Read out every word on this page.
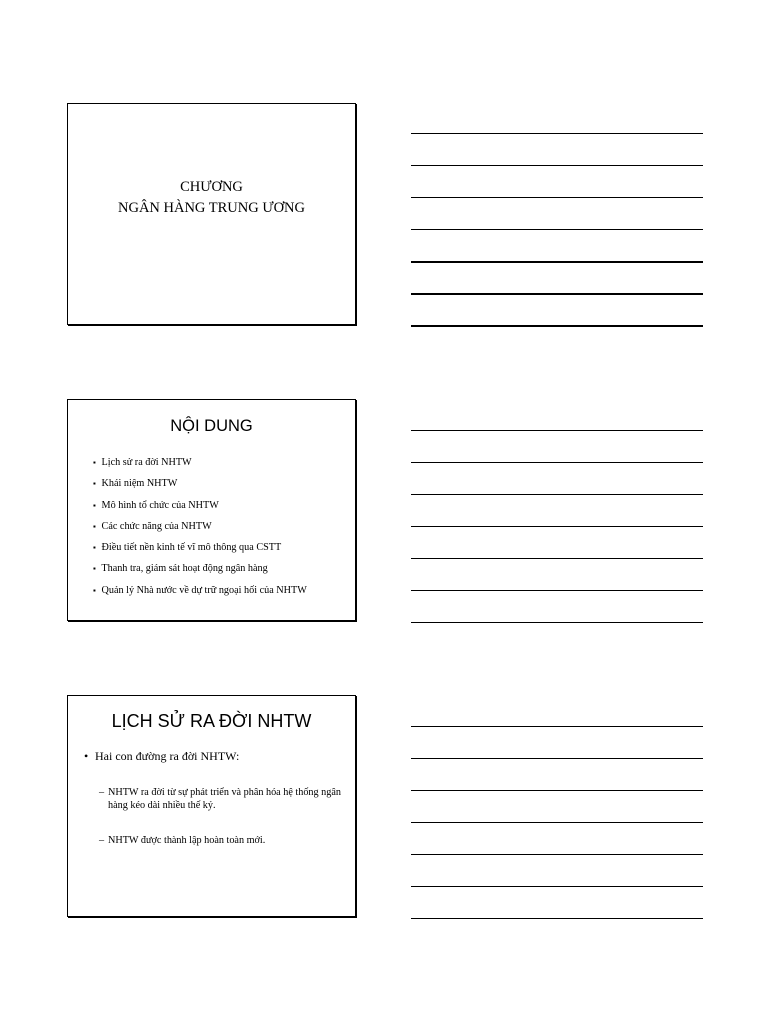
CHƯƠNG
NGÂN HÀNG TRUNG ƯƠNG
NỘI DUNG
▪ Lịch sử ra đời NHTW
▪ Khái niệm NHTW
▪ Mô hình tổ chức của NHTW
▪ Các chức năng của NHTW
▪ Điều tiết nền kinh tế vĩ mô thông qua CSTT
▪ Thanh tra, giám sát hoạt động ngân hàng
▪ Quản lý Nhà nước về dự trữ ngoại hối của NHTW
LỊCH SỬ RA ĐỜI NHTW
• Hai con đường ra đời NHTW:
– NHTW ra đời từ sự phát triển và phân hóa hệ thống ngân hàng kéo dài nhiều thế kỷ.
– NHTW được thành lập hoàn toàn mới.
